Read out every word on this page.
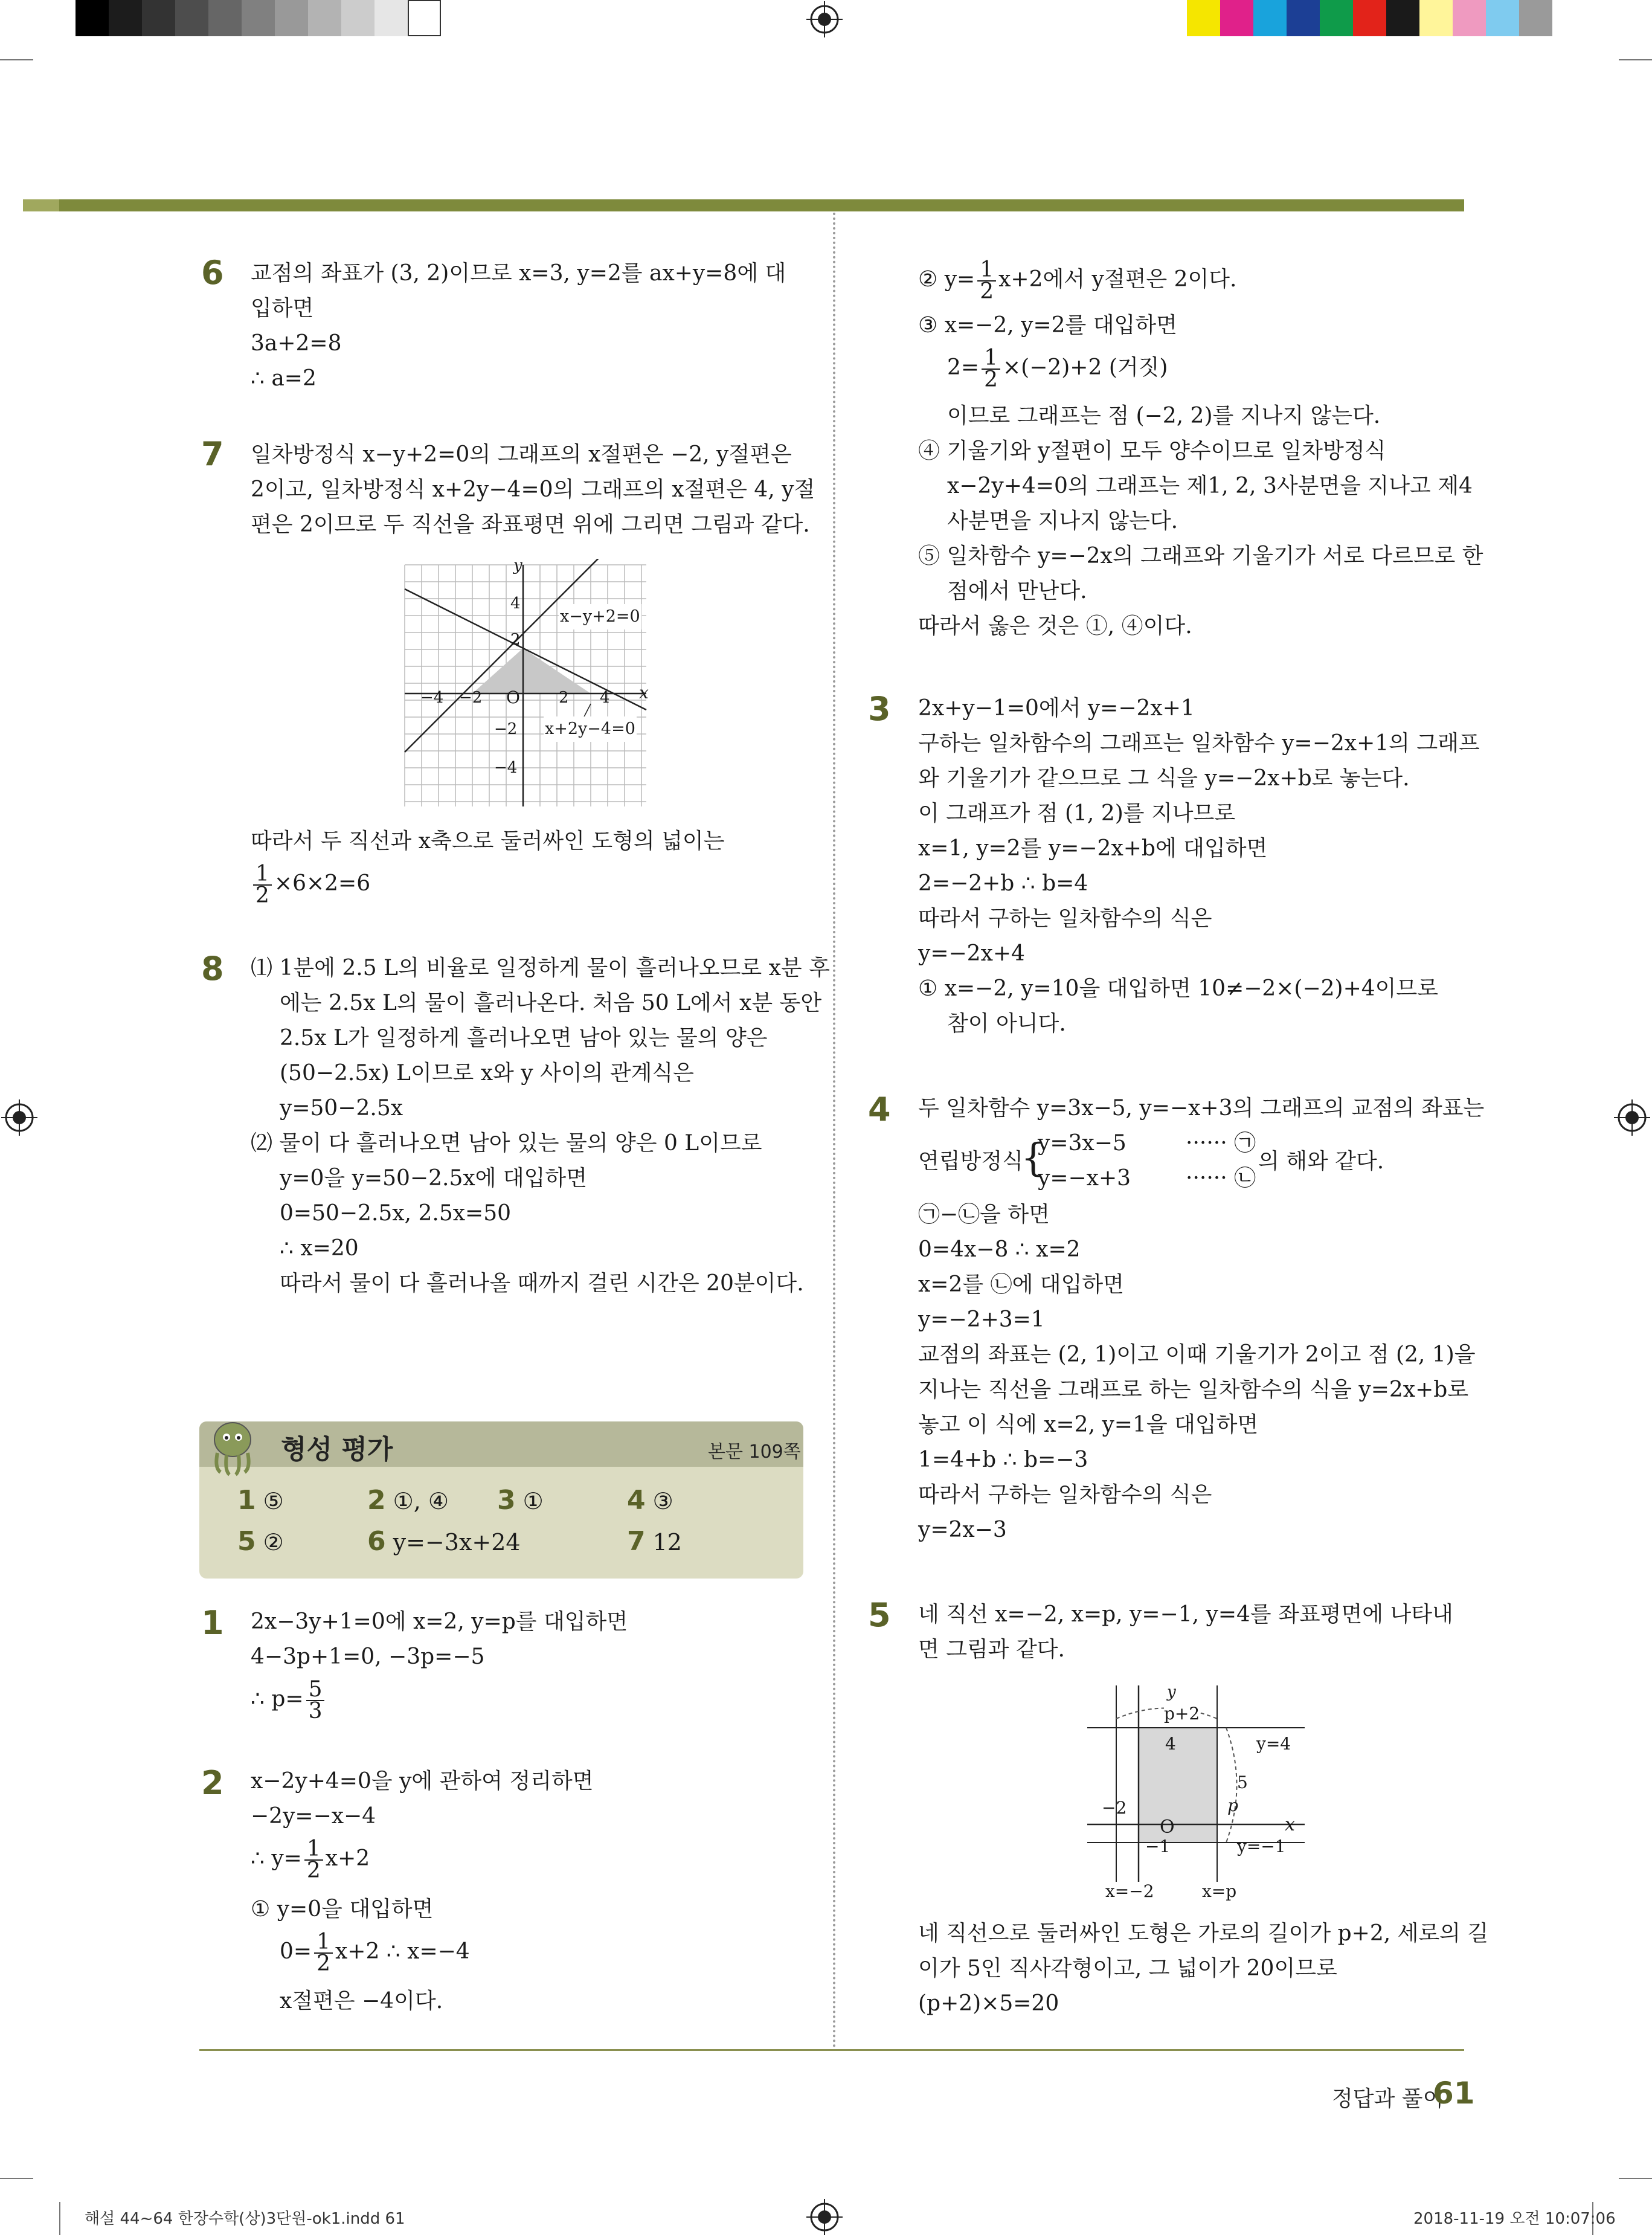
6 교점의 좌표가 (3, 2)이므로 x=3, y=2를 ax+y=8에 대
입하면
3a+2=8
∴ a=2
7 일차방정식 x−y+2=0의 그래프의 x절편은 −2, y절편은
2이고, 일차방정식 x+2y−4=0의 그래프의 x절편은 4, y절
편은 2이므로 두 직선을 좌표평면 위에 그리면 그림과 같다.
y
x
O
−4 −2	2 4
4
2
−2
−4
x−y+2=0
x+2y−4=0
따라서 두 직선과 x축으로 둘러싸인 도형의 넓이는
$\frac{1}{2} \times 6\times 2=6$
8 ⑴ 1분에 2.5 L의 비율로 일정하게 물이 흘러나오므로 x분 후
에는 2.5x L의 물이 흘러나온다. 처음 50 L에서 x분 동안
2.5x L가 일정하게 흘러나오면 남아 있는 물의 양은
(50−2.5x) L이므로 x와 y 사이의 관계식은
y=50−2.5x
⑵ 물이 다 흘러나오면 남아 있는 물의 양은 0 L이므로
y=0을 y=50−2.5x에 대입하면
0=50−2.5x, 2.5x=50
∴ x=20
따라서 물이 다 흘러나올 때까지 걸린 시간은 20분이다.
형성 평가	본문 109쪽
1 ⑤	2 ①, ④ 3 ①	4 ③
5 ②	6 y=−3x+24	7 12
1 2x−3y+1=0에 x=2, y=p를 대입하면
4−3p+1=0, −3p=−5
∴ $p= \frac{5}{3}$
2 x−2y+4=0을 y에 관하여 정리하면
−2y=−x−4
∴ $y= \frac{1}{2} x+2$
① y=0을 대입하면
$0= \frac{1}{2} x+2$ ∴ x=−4
x절편은 −4이다.
② $y= \frac{1}{2} x+2$에서 y절편은 2이다.
③ x=−2, y=2를 대입하면
$2= \frac{1}{2} \times(-2)+2$ (거짓)
이므로 그래프는 점 (−2, 2)를 지나지 않는다.
④ 기울기와 y절편이 모두 양수이므로 일차방정식
x−2y+4=0의 그래프는 제1, 2, 3사분면을 지나고 제4
사분면을 지나지 않는다.
⑤ 일차함수 y=−2x의 그래프와 기울기가 서로 다르므로 한
점에서 만난다.
따라서 옳은 것은 ①, ④이다.
3 2x+y−1=0에서 y=−2x+1
구하는 일차함수의 그래프는 일차함수 y=−2x+1의 그래프
와 기울기가 같으므로 그 식을 y=−2x+b로 놓는다.
이 그래프가 점 (1, 2)를 지나므로
x=1, y=2를 y=−2x+b에 대입하면
2=−2+b ∴ b=4
따라서 구하는 일차함수의 식은
y=−2x+4
① x=−2, y=10을 대입하면 10≠−2×(−2)+4이므로
참이 아니다.
4 두 일차함수 y=3x−5, y=−x+3의 그래프의 교점의 좌표는
연립방정식
{
y=3x−5
y=−x+3
······ ㉠
······ ㉡
의 해와 같다.
㉠−㉡을 하면
0=4x−8 ∴ x=2
x=2를 ㉡에 대입하면
y=−2+3=1
교점의 좌표는 (2, 1)이고 이때 기울기가 2이고 점 (2, 1)을
지나는 직선을 그래프로 하는 일차함수의 식을 y=2x+b로
놓고 이 식에 x=2, y=1을 대입하면
1=4+b ∴ b=−3
따라서 구하는 일차함수의 식은
y=2x−3
5 네 직선 x=−2, x=p, y=−1, y=4를 좌표평면에 나타내
면 그림과 같다.
y
x
O
p+2
5
4
−1
−2	p
y=4
y=−1
x=−2	x=p
네 직선으로 둘러싸인 도형은 가로의 길이가 p+2, 세로의 길
이가 5인 직사각형이고, 그 넓이가 20이므로
(p+2)×5=20
정답과 풀이
61
해설 44~64 한장수학(상)3단원-ok1.indd 61	2018-11-19 오전 10:07:06
